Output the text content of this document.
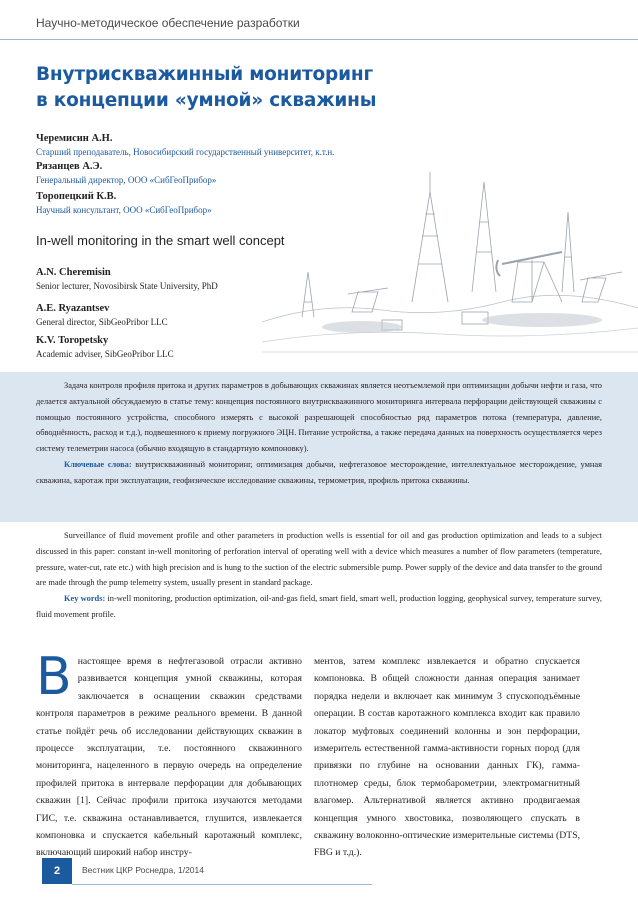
Научно-методическое обеспечение разработки
Внутрискважинный мониторинг
в концепции «умной» скважины
Черемисин А.Н.
Старший преподаватель, Новосибирский государственный университет, к.т.н.
Рязанцев А.Э.
Генеральный директор, ООО «СибГеоПрибор»
Торопецкий К.В.
Научный консультант, ООО «СибГеоПрибор»
In-well monitoring in the smart well concept
A.N. Cheremisin
Senior lecturer, Novosibirsk State University, PhD
A.E. Ryazantsev
General director, SibGeoPribor LLC
K.V. Toropetsky
Academic adviser, SibGeoPribor LLC

Задача контроля профиля притока и других параметров в добывающих скважинах является неотъемлемой при оптимизации добычи нефти и газа, что делается актуальной обсуждаемую в статье тему: концепция постоянного внутрискважинного мониторинга интервала перфорации действующей скважины с помощью постоянного устройства, способного измерять с высокой разрешающей способностью ряд параметров потока (температура, давление, обводнённость, расход и т.д.), подвешенного к приему погружного ЭЦН. Питание устройства, а также передача данных на поверхность осуществляется через систему телеметрии насоса (обычно входящую в стандартную компоновку).

Ключевые слова: внутрискважинный мониторинг, оптимизация добычи, нефтегазовое месторождение, интеллектуальное месторождение, умная скважина, каротаж при эксплуатации, геофизическое исследование скважины, термометрия, профиль притока скважины.

Surveillance of fluid movement profile and other parameters in production wells is essential for oil and gas production optimization and leads to a subject discussed in this paper: constant in-well monitoring of perforation interval of operating well with a device which measures a number of flow parameters (temperature, pressure, water-cut, rate etc.) with high precision and is hung to the suction of the electric submersible pump. Power supply of the device and data transfer to the ground are made through the pump telemetry system, usually present in standard package.

Key words: in-well monitoring, production optimization, oil-and-gas field, smart field, smart well, production logging, geophysical survey, temperature survey, fluid movement profile.

Внастоящее время в нефтегазовой отрасли активно развивается концепция умной скважины, которая заключается в оснащении скважин средствами контроля параметров в режиме реального времени. В данной статье пойдёт речь об исследовании действующих скважин в процессе эксплуатации, т.е. постоянного скважинного мониторинга, нацеленного в первую очередь на определение профилей притока в интервале перфорации для добывающих скважин [1]. Сейчас профили притока изучаются методами ГИС, т.е. скважина останавливается, глушится, извлекается компоновка и спускается кабельный каротажный комплекс, включающий широкий набор инстру-
ментов, затем комплекс извлекается и обратно спускается компоновка. В общей сложности данная операция занимает порядка недели и включает как минимум 3 спускоподъёмные операции. В состав каротажного комплекса входит как правило локатор муфтовых соединений колонны и зон перфорации, измеритель естественной гамма-активности горных пород (для привязки по глубине на основании данных ГК), гамма-плотномер среды, блок термобарометрии, электромагнитный влагомер. Альтернативой является активно продвигаемая концепция умного хвостовика, позволяющего спускать в скважину волоконно-оптические измерительные системы (DTS, FBG и т.д.).
2	Вестник ЦКР Роснедра, 1/2014
